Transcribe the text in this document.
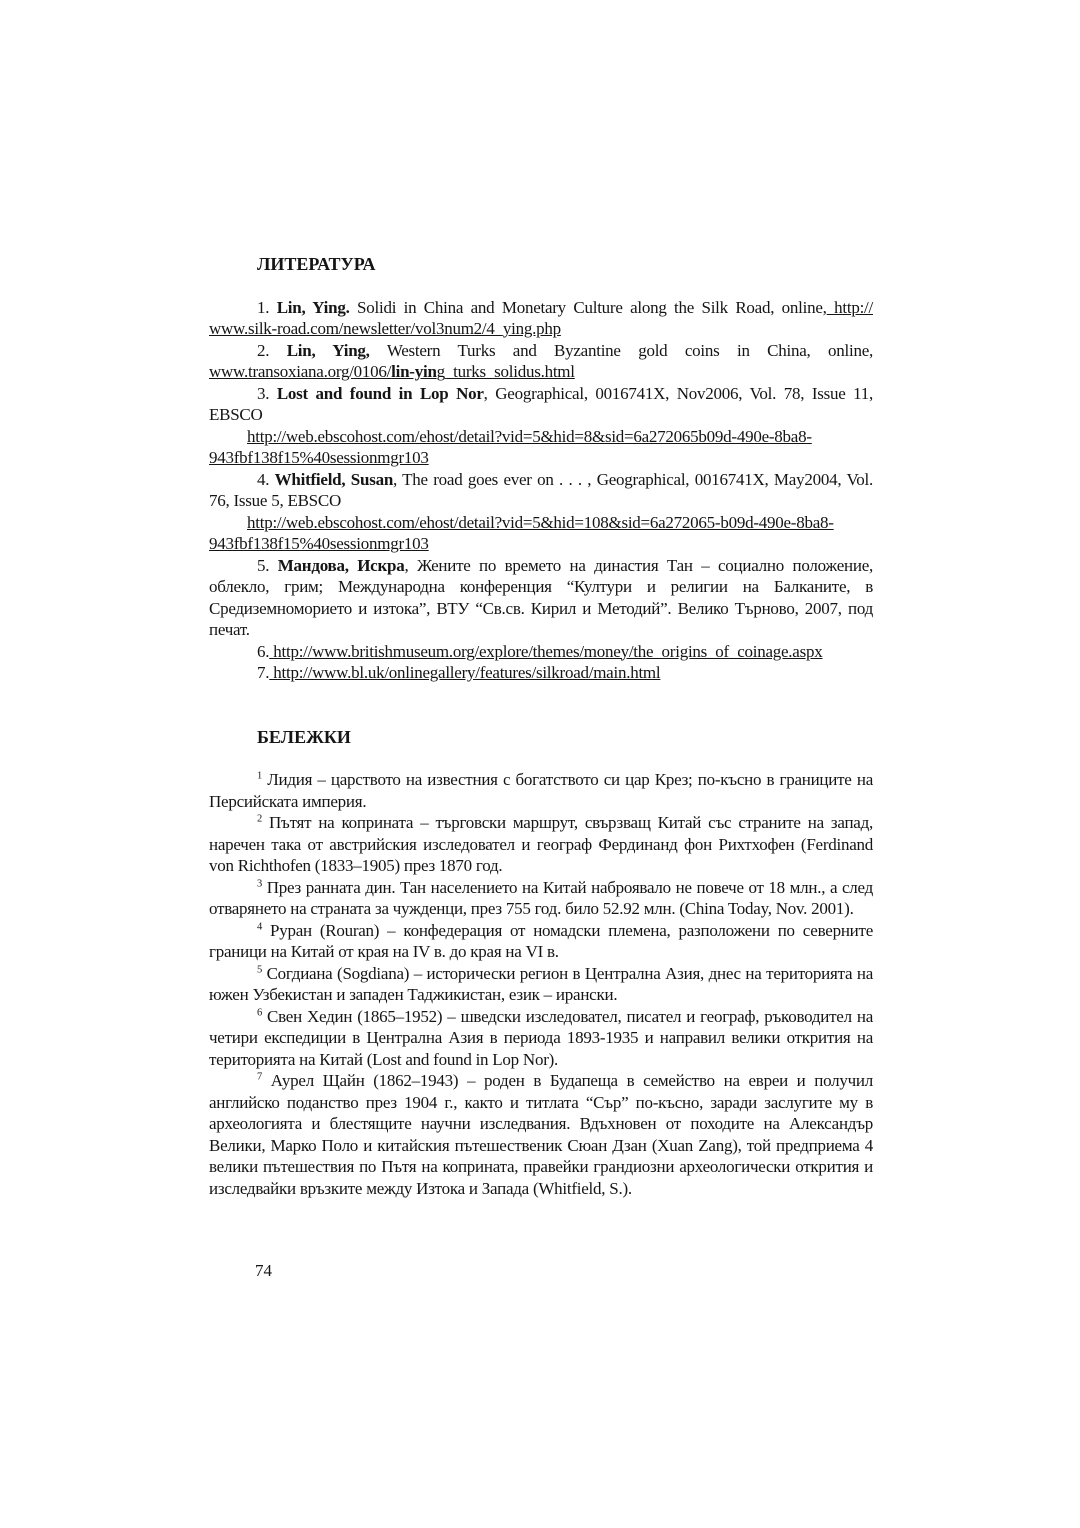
ЛИТЕРАТУРА

1. Lin, Ying. Solidi in China and Monetary Culture along the Silk Road, online, http://www.silk-road.com/newsletter/vol3num2/4_ying.php

2. Lin, Ying, Western Turks and Byzantine gold coins in China, online, www.transoxiana.org/0106/lin-ying_turks_solidus.html

3. Lost and found in Lop Nor, Geographical, 0016741X, Nov2006, Vol. 78, Issue 11, EBSCO

http://web.ebscohost.com/ehost/detail?vid=5&hid=8&sid=6a272065b09d-490e-8ba8-943fbf138f15%40sessionmgr103

4. Whitfield, Susan, The road goes ever on . . . , Geographical, 0016741X, May2004, Vol. 76, Issue 5, EBSCO

http://web.ebscohost.com/ehost/detail?vid=5&hid=108&sid=6a272065-b09d-490e-8ba8-943fbf138f15%40sessionmgr103

5. Мандова, Искра, Жените по времето на династия Тан – социално положение, облекло, грим; Международна конференция “Култури и религии на Балканите, в Средиземноморието и изтока”, ВТУ “Св.св. Кирил и Методий”. Велико Търново, 2007, под печат.

6. http://www.britishmuseum.org/explore/themes/money/the_origins_of_coinage.aspx

7. http://www.bl.uk/onlinegallery/features/silkroad/main.html

БЕЛЕЖКИ

$^1$ Лидия – царството на известния с богатството си цар Крез; по-късно в границите на Персийската империя.

$^2$ Пътят на коприната – търговски маршрут, свързващ Китай със страните на запад, наречен така от австрийския изследовател и географ Фердинанд фон Рихтхофен (Ferdinand von Richthofen (1833–1905) през 1870 год.

$^3$ През ранната дин. Тан населението на Китай наброявало не повече от 18 млн., а след отварянето на страната за чужденци, през 755 год. било 52.92 млн. (China Today, Nov. 2001).

$^4$ Руран (Rouran) – конфедерация от номадски племена, разположени по северните граници на Китай от края на IV в. до края на VI в.

$^5$ Согдиана (Sogdiana) – исторически регион в Централна Азия, днес на територията на южен Узбекистан и западен Таджикистан, език – ирански.

$^6$ Свен Хедин (1865–1952) – шведски изследовател, писател и географ, ръководител на четири експедиции в Централна Азия в периода 1893-1935 и направил велики открития на територията на Китай (Lost and found in Lop Nor).

$^7$ Аурел Щайн (1862–1943) – роден в Будапеща в семейство на евреи и получил английско поданство през 1904 г., както и титлата “Сър” по-късно, заради заслугите му в археологията и блестящите научни изследвания. Вдъхновен от походите на Александър Велики, Марко Поло и китайския пътешественик Сюан Дзан (Xuan Zang), той предприема 4 велики пътешествия по Пътя на коприната, правейки грандиозни археологически открития и изследвайки връзките между Изтока и Запада (Whitfield, S.).

74
